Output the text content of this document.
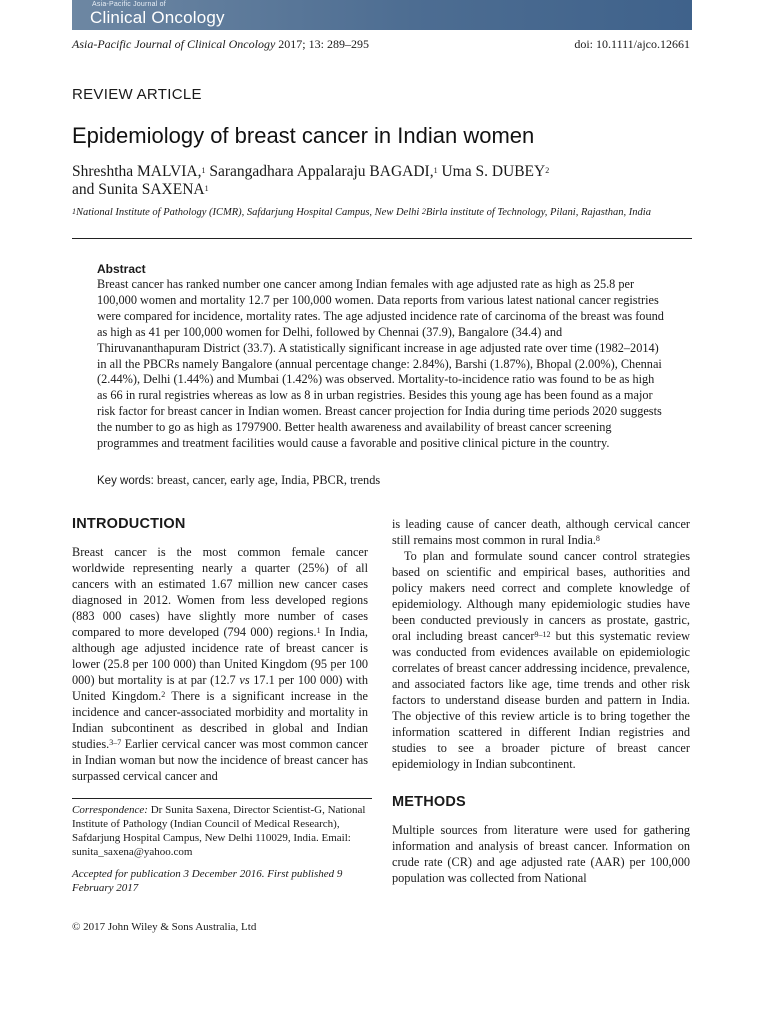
Asia-Pacific Journal of
Clinical Oncology
Asia-Pacific Journal of Clinical Oncology 2017; 13: 289–295	doi: 10.1111/ajco.12661
REVIEW ARTICLE
Epidemiology of breast cancer in Indian women
Shreshtha MALVIA,$^1$ Sarangadhara Appalaraju BAGADI,$^1$ Uma S. DUBEY$^2$
and Sunita SAXENA$^1$
$^1$National Institute of Pathology (ICMR), Safdarjung Hospital Campus, New Delhi $^2$Birla institute of Technology, Pilani, Rajasthan, India

Abstract

Breast cancer has ranked number one cancer among Indian females with age adjusted rate as high as 25.8 per 100,000 women and mortality 12.7 per 100,000 women. Data reports from various latest national cancer registries were compared for incidence, mortality rates. The age adjusted incidence rate of carcinoma of the breast was found as high as 41 per 100,000 women for Delhi, followed by Chennai (37.9), Bangalore (34.4) and Thiruvananthapuram District (33.7). A statistically significant increase in age adjusted rate over time (1982–2014) in all the PBCRs namely Bangalore (annual percentage change: 2.84%), Barshi (1.87%), Bhopal (2.00%), Chennai (2.44%), Delhi (1.44%) and Mumbai (1.42%) was observed. Mortality-to-incidence ratio was found to be as high as 66 in rural registries whereas as low as 8 in urban registries. Besides this young age has been found as a major risk factor for breast cancer in Indian women. Breast cancer projection for India during time periods 2020 suggests the number to go as high as 1797900. Better health awareness and availability of breast cancer screening programmes and treatment facilities would cause a favorable and positive clinical picture in the country.

Key words: breast, cancer, early age, India, PBCR, trends

INTRODUCTION

Breast cancer is the most common female cancer worldwide representing nearly a quarter (25%) of all cancers with an estimated 1.67 million new cancer cases diagnosed in 2012. Women from less developed regions (883 000 cases) have slightly more number of cases compared to more developed (794 000) regions.$^1$ In India, although age adjusted incidence rate of breast cancer is lower (25.8 per 100 000) than United Kingdom (95 per 100 000) but mortality is at par (12.7 vs 17.1 per 100 000) with United Kingdom.$^2$ There is a significant increase in the incidence and cancer-associated morbidity and mortality in Indian subcontinent as described in global and Indian studies.$^{3-7}$ Earlier cervical cancer was most common cancer in Indian woman but now the incidence of breast cancer has surpassed cervical cancer and

is leading cause of cancer death, although cervical cancer still remains most common in rural India.$^8$

To plan and formulate sound cancer control strategies based on scientific and empirical bases, authorities and policy makers need correct and complete knowledge of epidemiology. Although many epidemiologic studies have been conducted previously in cancers as prostate, gastric, oral including breast cancer$^{9-12}$ but this systematic review was conducted from evidences available on epidemiologic correlates of breast cancer addressing incidence, prevalence, and associated factors like age, time trends and other risk factors to understand disease burden and pattern in India. The objective of this review article is to bring together the information scattered in different Indian registries and studies to see a broader picture of breast cancer epidemiology in Indian subcontinent.

METHODS

Multiple sources from literature were used for gathering information and analysis of breast cancer. Information on crude rate (CR) and age adjusted rate (AAR) per 100,000 population was collected from National

Correspondence: Dr Sunita Saxena, Director Scientist-G, National Institute of Pathology (Indian Council of Medical Research), Safdarjung Hospital Campus, New Delhi 110029, India. Email: sunita_saxena@yahoo.com

Accepted for publication 3 December 2016. First published 9 February 2017

© 2017 John Wiley & Sons Australia, Ltd
